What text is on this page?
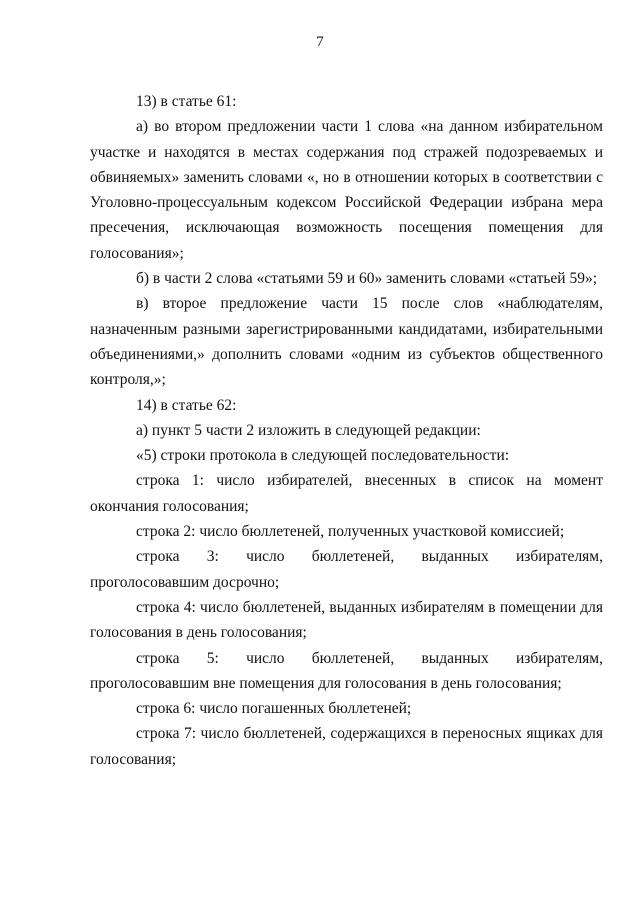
7

13) в статье 61:

а) во втором предложении части 1 слова «на данном избирательном участке и находятся в местах содержания под стражей подозреваемых и обвиняемых» заменить словами «, но в отношении которых в соответствии с Уголовно-процессуальным кодексом Российской Федерации избрана мера пресечения, исключающая возможность посещения помещения для голосования»;

б) в части 2 слова «статьями 59 и 60» заменить словами «статьей 59»;

в) второе предложение части 15 после слов «наблюдателям, назначенным разными зарегистрированными кандидатами, избирательными объединениями,» дополнить словами «одним из субъектов общественного контроля,»;

14) в статье 62:

а) пункт 5 части 2 изложить в следующей редакции:

«5) строки протокола в следующей последовательности:

строка 1: число избирателей, внесенных в список на момент окончания голосования;

строка 2: число бюллетеней, полученных участковой комиссией;

строка 3: число бюллетеней, выданных избирателям, проголосовавшим досрочно;

строка 4: число бюллетеней, выданных избирателям в помещении для голосования в день голосования;

строка 5: число бюллетеней, выданных избирателям, проголосовавшим вне помещения для голосования в день голосования;

строка 6: число погашенных бюллетеней;

строка 7: число бюллетеней, содержащихся в переносных ящиках для голосования;
